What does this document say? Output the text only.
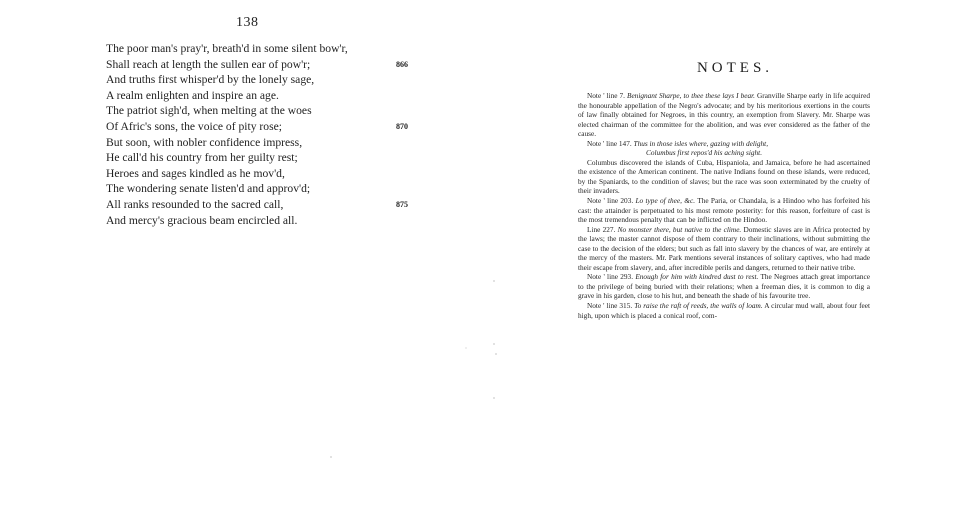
138
The poor man's pray'r, breath'd in some silent bow'r,
Shall reach at length the sullen ear of pow'r;	866
And truths first whisper'd by the lonely sage,
A realm enlighten and inspire an age.
The patriot sigh'd, when melting at the woes
Of Afric's sons, the voice of pity rose;	870
But soon, with nobler confidence impress,
He call'd his country from her guilty rest;
Heroes and sages kindled as he mov'd,
The wondering senate listen'd and approv'd;
All ranks resounded to the sacred call,	875
And mercy's gracious beam encircled all.
NOTES.

Note ' line 7. Benignant Sharpe, to thee these lays I bear. Granville Sharpe early in life acquired the honourable appellation of the Negro's advocate; and by his meritorious exertions in the courts of law finally obtained for Negroes, in this country, an exemption from Slavery. Mr. Sharpe was elected chairman of the committee for the abolition, and was ever considered as the father of the cause.

Note ' line 147. Thus in those isles where, gazing with delight,

Columbus first repos'd his aching sight.

Columbus discovered the islands of Cuba, Hispaniola, and Jamaica, before he had ascertained the existence of the American continent. The native Indians found on these islands, were reduced, by the Spaniards, to the condition of slaves; but the race was soon exterminated by the cruelty of their invaders.

Note ' line 203. Lo type of thee, &c. The Paria, or Chandala, is a Hindoo who has forfeited his cast: the attainder is perpetuated to his most remote posterity: for this reason, forfeiture of cast is the most tremendous penalty that can be inflicted on the Hindoo.

Line 227. No monster there, but native to the clime. Domestic slaves are in Africa protected by the laws; the master cannot dispose of them contrary to their inclinations, without submitting the case to the decision of the elders; but such as fall into slavery by the chances of war, are entirely at the mercy of the masters. Mr. Park mentions several instances of solitary captives, who had made their escape from slavery, and, after incredible perils and dangers, returned to their native tribe.

Note ' line 293. Enough for him with kindred dust to rest. The Negroes attach great importance to the privilege of being buried with their relations; when a freeman dies, it is common to dig a grave in his garden, close to his hut, and beneath the shade of his favourite tree.

Note ' line 315. To raise the raft of reeds, the walls of loam. A circular mud wall, about four feet high, upon which is placed a conical roof, com-
